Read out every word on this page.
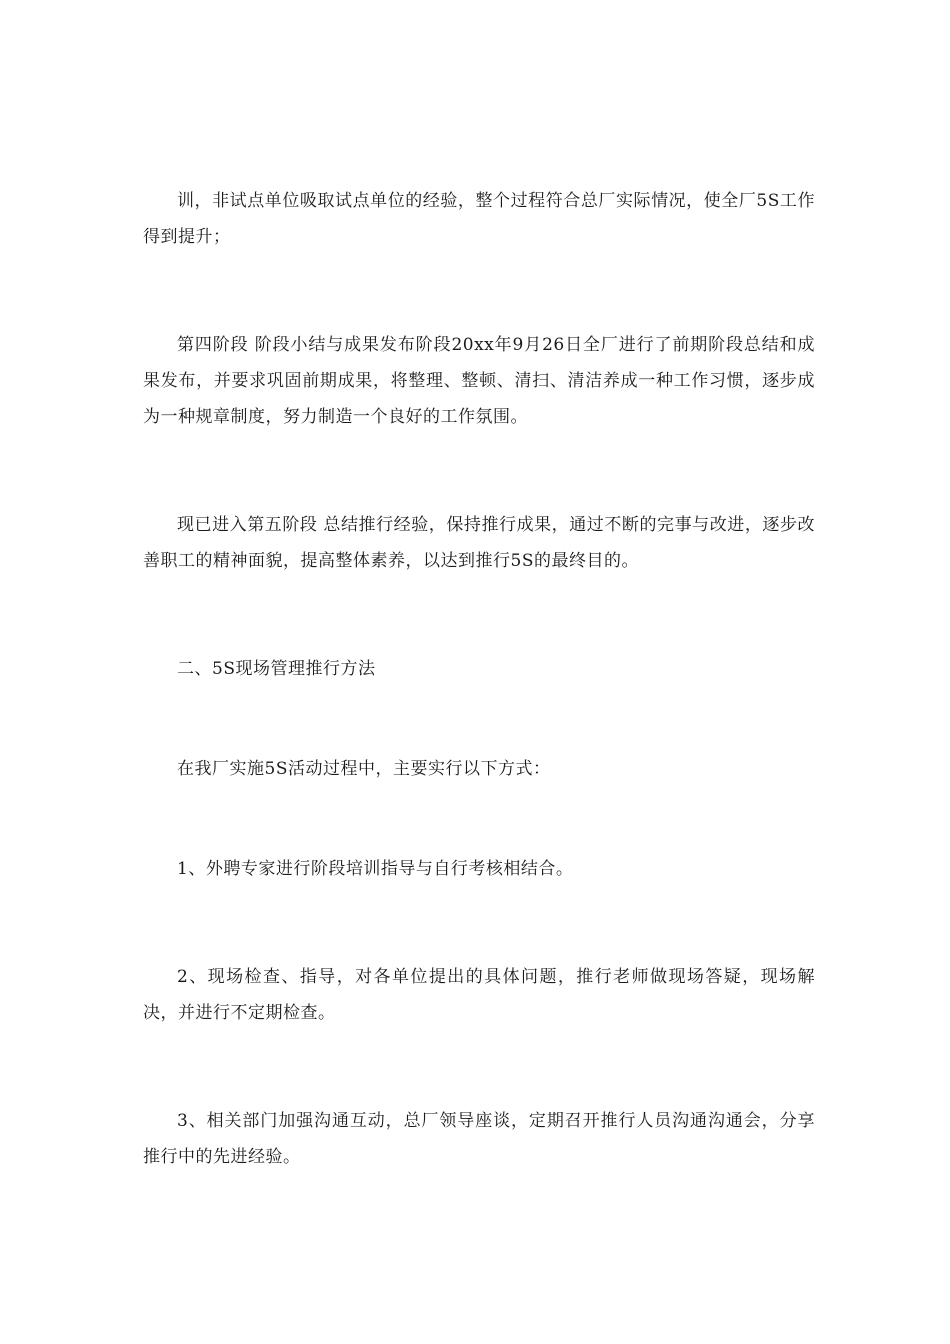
训，非试点单位吸取试点单位的经验，整个过程符合总厂实际情况，使全厂5S工作得到提升；

第四阶段 阶段小结与成果发布阶段20xx年9月26日全厂进行了前期阶段总结和成果发布，并要求巩固前期成果，将整理、整顿、清扫、清洁养成一种工作习惯，逐步成为一种规章制度，努力制造一个良好的工作氛围。

现已进入第五阶段 总结推行经验，保持推行成果，通过不断的完事与改进，逐步改善职工的精神面貌，提高整体素养，以达到推行5S的最终目的。

二、5S现场管理推行方法

在我厂实施5S活动过程中，主要实行以下方式：

1、外聘专家进行阶段培训指导与自行考核相结合。

2、现场检查、指导，对各单位提出的具体问题，推行老师做现场答疑，现场解决，并进行不定期检查。

3、相关部门加强沟通互动，总厂领导座谈，定期召开推行人员沟通沟通会，分享推行中的先进经验。
